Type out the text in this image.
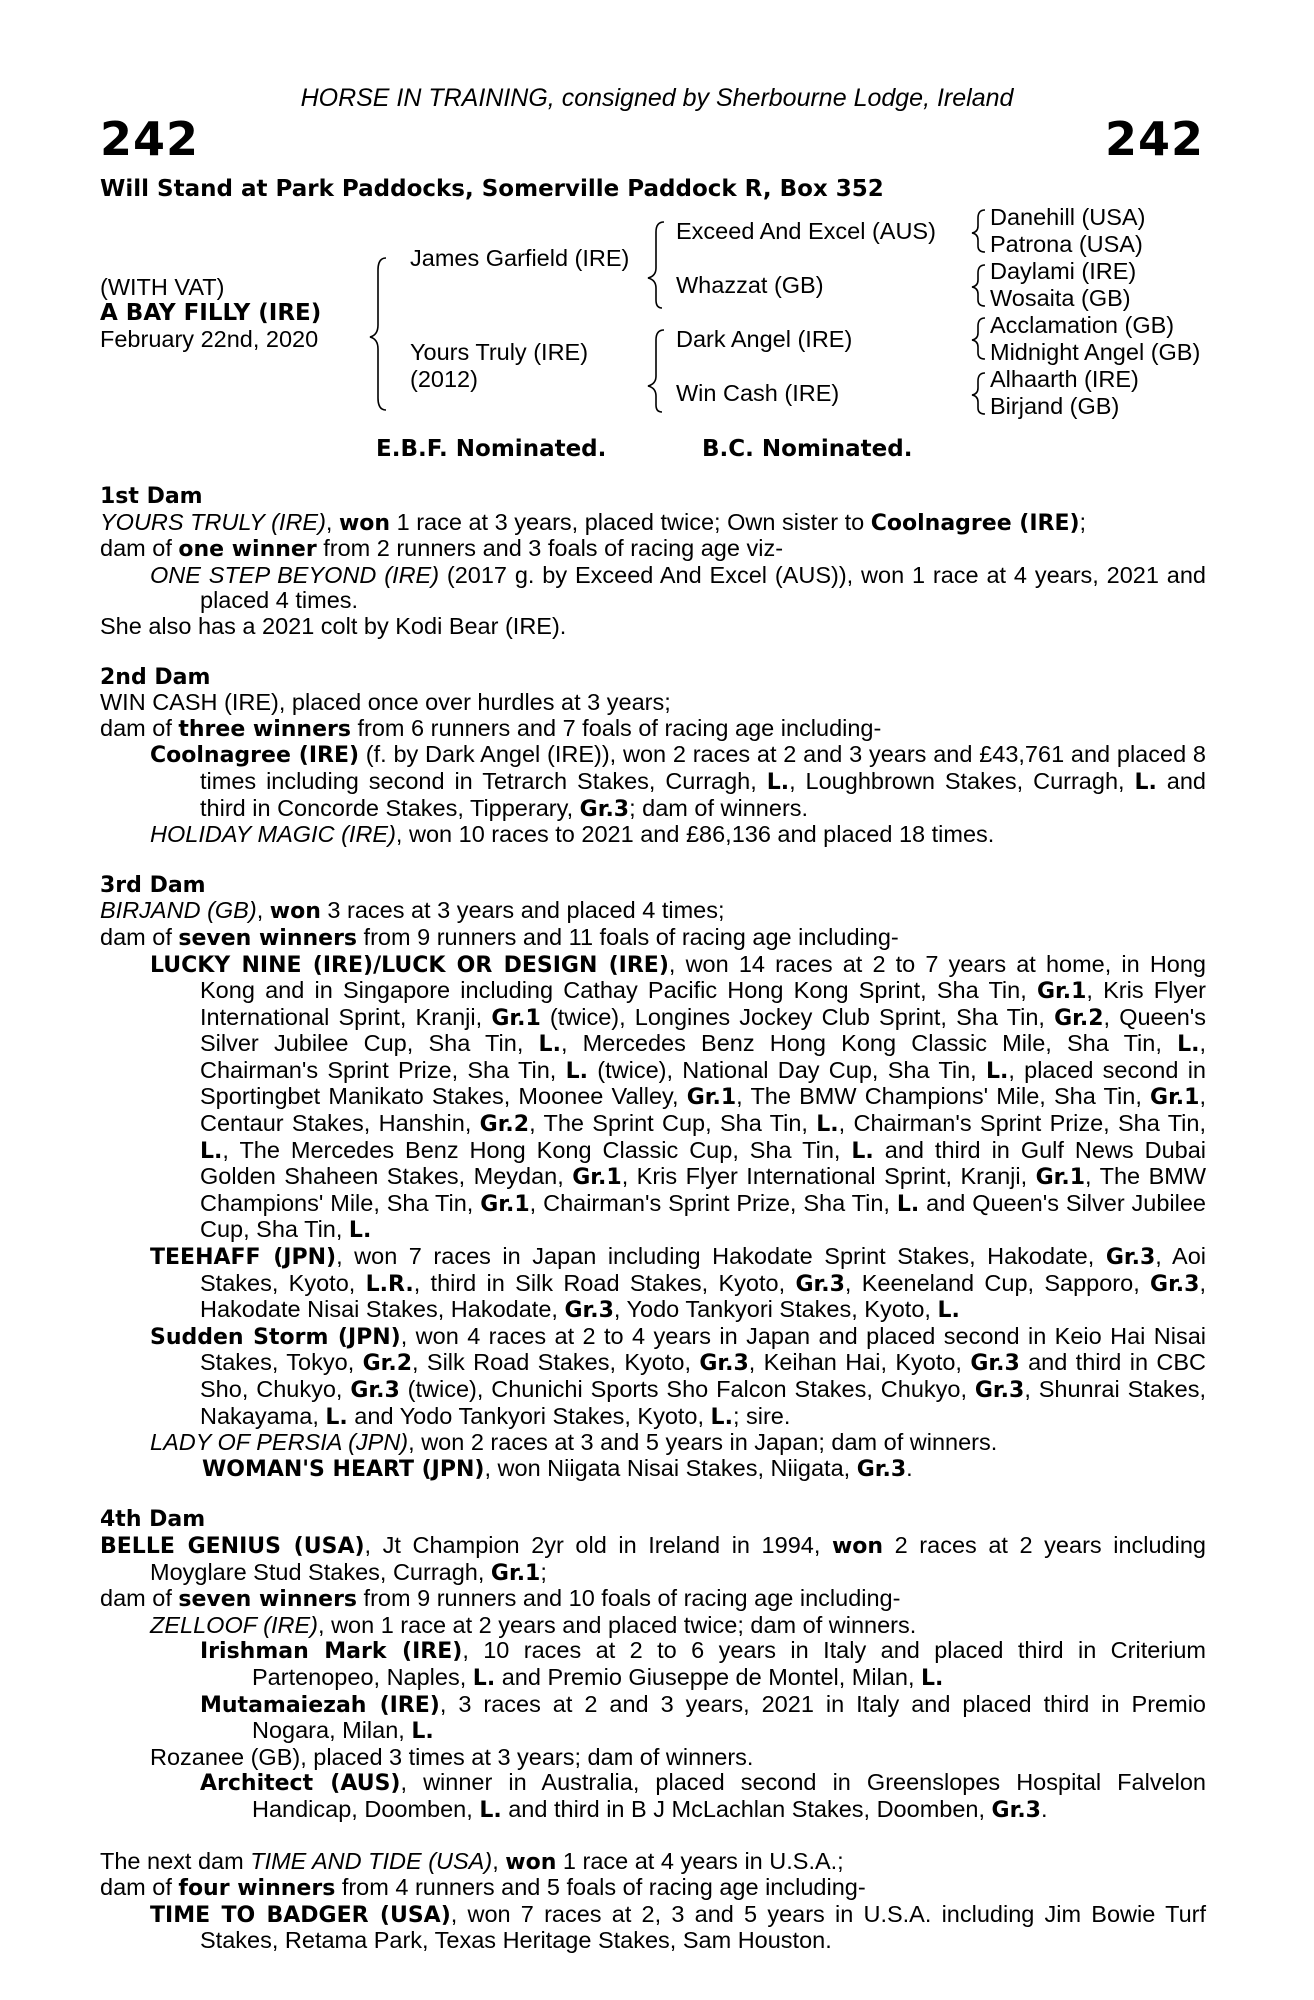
HORSE IN TRAINING, consigned by Sherbourne Lodge, Ireland
242	242
Will Stand at Park Paddocks, Somerville Paddock R, Box 352
(WITH VAT)
A BAY FILLY (IRE)
February 22nd, 2020
James Garfield (IRE)
Yours Truly (IRE)
(2012)
Exceed And Excel (AUS)
Whazzat (GB)
Dark Angel (IRE)
Win Cash (IRE)
Danehill (USA)
Patrona (USA)
Daylami (IRE)
Wosaita (GB)
Acclamation (GB)
Midnight Angel (GB)
Alhaarth (IRE)
Birjand (GB)
E.B.F. Nominated.	B.C. Nominated.

1st Dam

YOURS TRULY (IRE), won 1 race at 3 years, placed twice; Own sister to Coolnagree (IRE);

dam of one winner from 2 runners and 3 foals of racing age viz-

ONE STEP BEYOND (IRE) (2017 g. by Exceed And Excel (AUS)), won 1 race at 4 years, 2021 and placed 4 times.

She also has a 2021 colt by Kodi Bear (IRE).

2nd Dam

WIN CASH (IRE), placed once over hurdles at 3 years;

dam of three winners from 6 runners and 7 foals of racing age including-

Coolnagree (IRE) (f. by Dark Angel (IRE)), won 2 races at 2 and 3 years and £43,761 and placed 8 times including second in Tetrarch Stakes, Curragh, L., Loughbrown Stakes, Curragh, L. and third in Concorde Stakes, Tipperary, Gr.3; dam of winners.

HOLIDAY MAGIC (IRE), won 10 races to 2021 and £86,136 and placed 18 times.

3rd Dam

BIRJAND (GB), won 3 races at 3 years and placed 4 times;

dam of seven winners from 9 runners and 11 foals of racing age including-

LUCKY NINE (IRE)/LUCK OR DESIGN (IRE), won 14 races at 2 to 7 years at home, in Hong Kong and in Singapore including Cathay Pacific Hong Kong Sprint, Sha Tin, Gr.1, Kris Flyer International Sprint, Kranji, Gr.1 (twice), Longines Jockey Club Sprint, Sha Tin, Gr.2, Queen's Silver Jubilee Cup, Sha Tin, L., Mercedes Benz Hong Kong Classic Mile, Sha Tin, L., Chairman's Sprint Prize, Sha Tin, L. (twice), National Day Cup, Sha Tin, L., placed second in Sportingbet Manikato Stakes, Moonee Valley, Gr.1, The BMW Champions' Mile, Sha Tin, Gr.1, Centaur Stakes, Hanshin, Gr.2, The Sprint Cup, Sha Tin, L., Chairman's Sprint Prize, Sha Tin, L., The Mercedes Benz Hong Kong Classic Cup, Sha Tin, L. and third in Gulf News Dubai Golden Shaheen Stakes, Meydan, Gr.1, Kris Flyer International Sprint, Kranji, Gr.1, The BMW Champions' Mile, Sha Tin, Gr.1, Chairman's Sprint Prize, Sha Tin, L. and Queen's Silver Jubilee Cup, Sha Tin, L.

TEEHAFF (JPN), won 7 races in Japan including Hakodate Sprint Stakes, Hakodate, Gr.3, Aoi Stakes, Kyoto, L.R., third in Silk Road Stakes, Kyoto, Gr.3, Keeneland Cup, Sapporo, Gr.3, Hakodate Nisai Stakes, Hakodate, Gr.3, Yodo Tankyori Stakes, Kyoto, L.

Sudden Storm (JPN), won 4 races at 2 to 4 years in Japan and placed second in Keio Hai Nisai Stakes, Tokyo, Gr.2, Silk Road Stakes, Kyoto, Gr.3, Keihan Hai, Kyoto, Gr.3 and third in CBC Sho, Chukyo, Gr.3 (twice), Chunichi Sports Sho Falcon Stakes, Chukyo, Gr.3, Shunrai Stakes, Nakayama, L. and Yodo Tankyori Stakes, Kyoto, L.; sire.

LADY OF PERSIA (JPN), won 2 races at 3 and 5 years in Japan; dam of winners.

WOMAN'S HEART (JPN), won Niigata Nisai Stakes, Niigata, Gr.3.

4th Dam

BELLE GENIUS (USA), Jt Champion 2yr old in Ireland in 1994, won 2 races at 2 years including Moyglare Stud Stakes, Curragh, Gr.1;

dam of seven winners from 9 runners and 10 foals of racing age including-

ZELLOOF (IRE), won 1 race at 2 years and placed twice; dam of winners.

Irishman Mark (IRE), 10 races at 2 to 6 years in Italy and placed third in Criterium Partenopeo, Naples, L. and Premio Giuseppe de Montel, Milan, L.

Mutamaiezah (IRE), 3 races at 2 and 3 years, 2021 in Italy and placed third in Premio Nogara, Milan, L.

Rozanee (GB), placed 3 times at 3 years; dam of winners.

Architect (AUS), winner in Australia, placed second in Greenslopes Hospital Falvelon Handicap, Doomben, L. and third in B J McLachlan Stakes, Doomben, Gr.3.

The next dam TIME AND TIDE (USA), won 1 race at 4 years in U.S.A.;

dam of four winners from 4 runners and 5 foals of racing age including-

TIME TO BADGER (USA), won 7 races at 2, 3 and 5 years in U.S.A. including Jim Bowie Turf Stakes, Retama Park, Texas Heritage Stakes, Sam Houston.
